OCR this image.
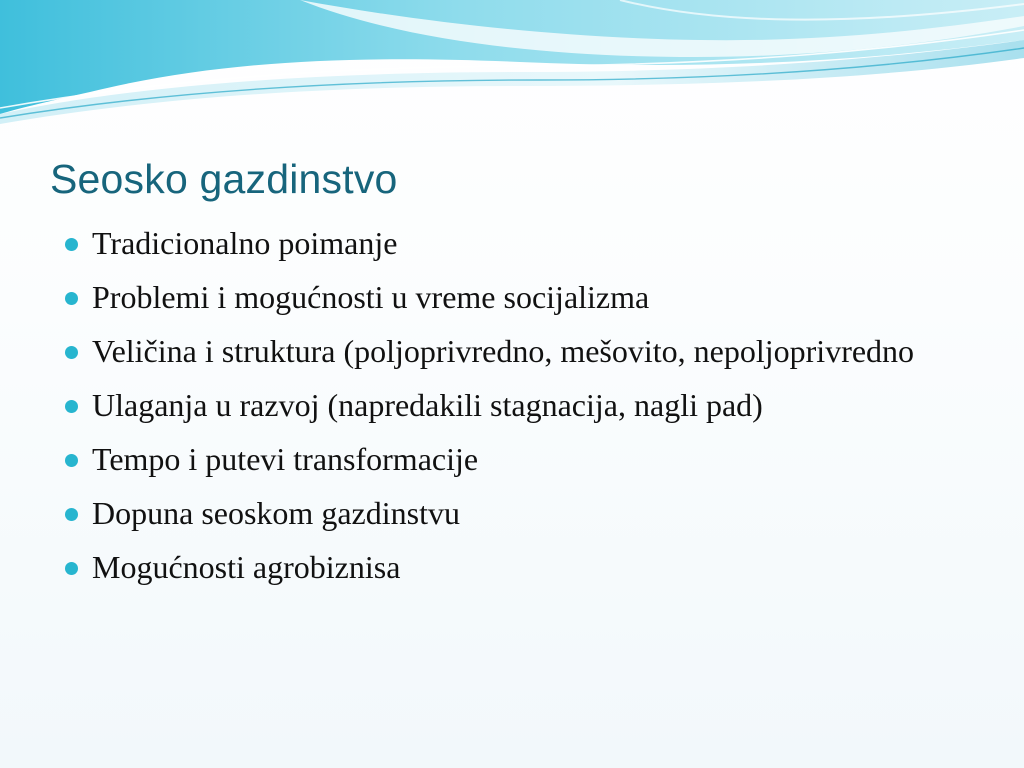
Seosko gazdinstvo
Tradicionalno poimanje
Problemi i mogućnosti u vreme socijalizma
Veličina i struktura (poljoprivredno, mešovito, nepoljoprivredno
Ulaganja u razvoj (napredakili stagnacija, nagli pad)
Tempo i putevi transformacije
Dopuna seoskom gazdinstvu
Mogućnosti agrobiznisa
